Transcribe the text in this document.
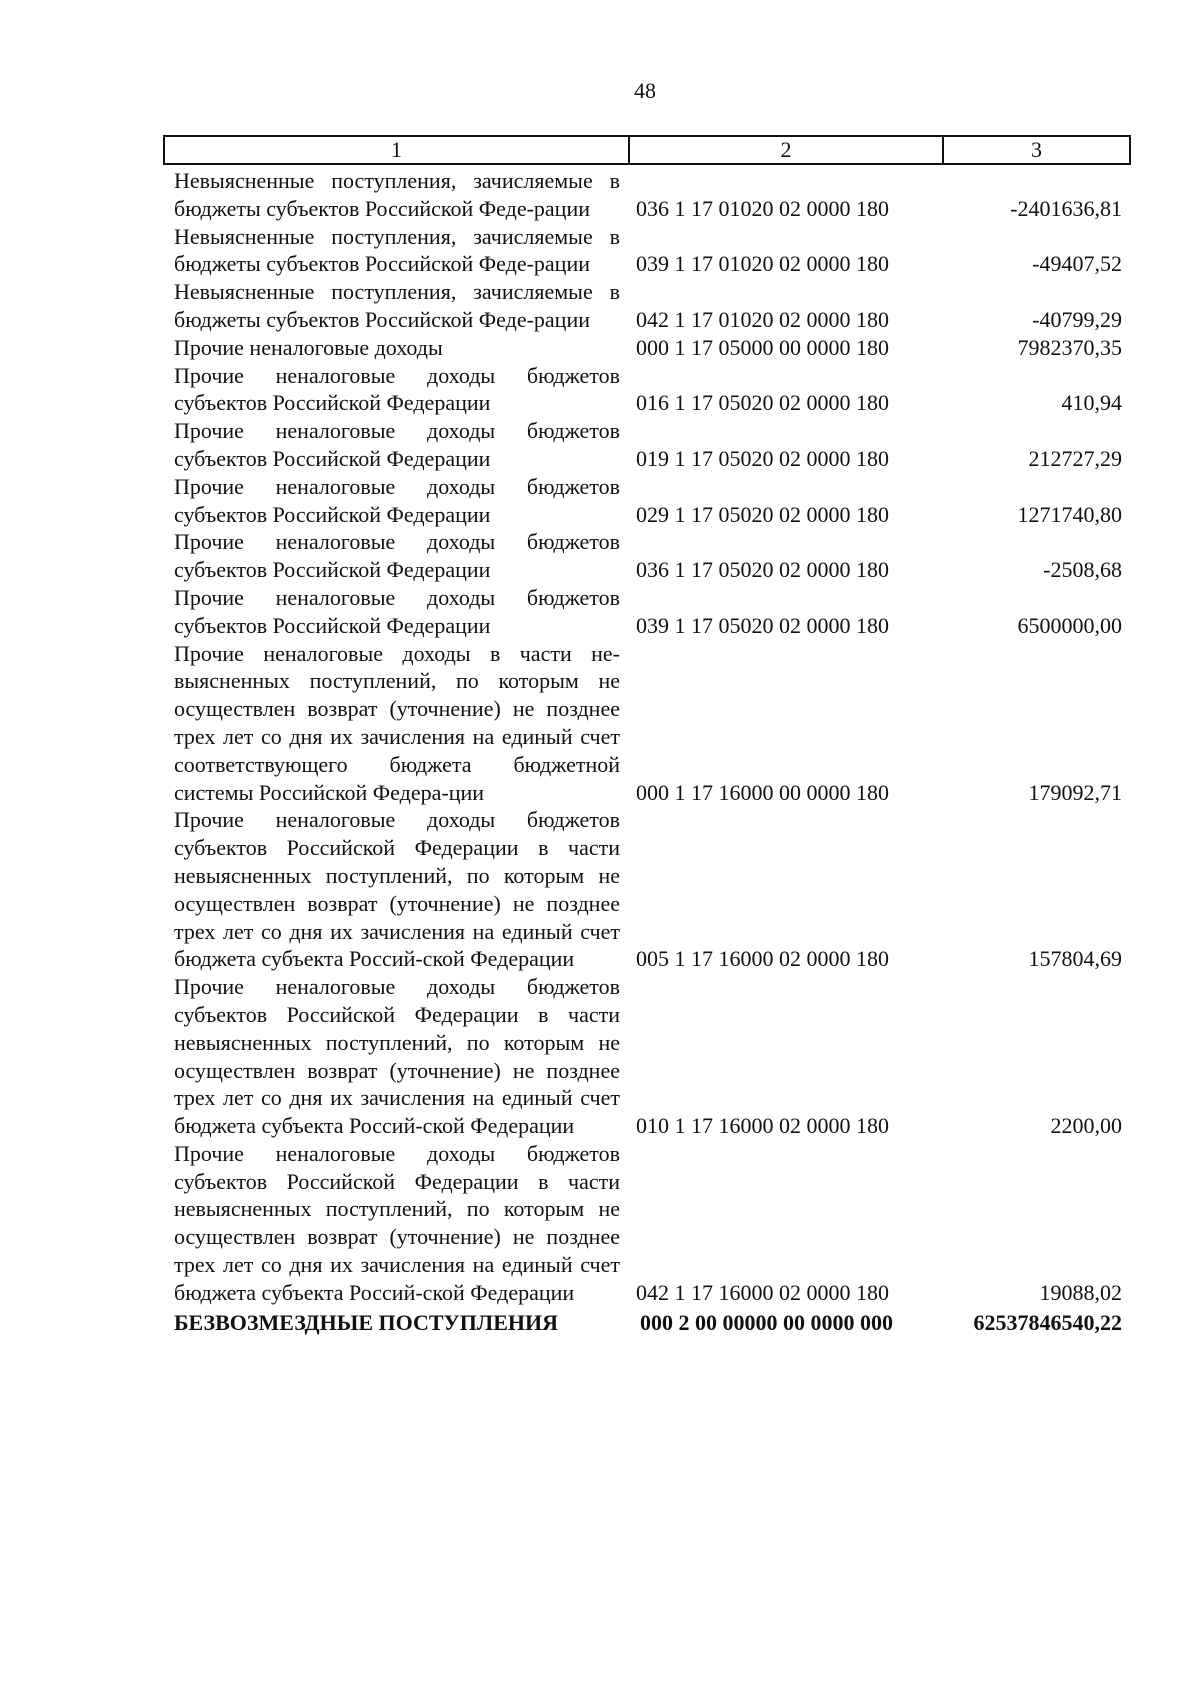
48
1	2	3
Невыясненные поступления, зачисляемые в бюджеты субъектов Российской Феде-рации	036 1 17 01020 02 0000 180	-2401636,81
Невыясненные поступления, зачисляемые в бюджеты субъектов Российской Феде-рации	039 1 17 01020 02 0000 180	-49407,52
Невыясненные поступления, зачисляемые в бюджеты субъектов Российской Феде-рации	042 1 17 01020 02 0000 180	-40799,29
Прочие неналоговые доходы	000 1 17 05000 00 0000 180	7982370,35
Прочие неналоговые доходы бюджетов субъектов Российской Федерации	016 1 17 05020 02 0000 180	410,94
Прочие неналоговые доходы бюджетов субъектов Российской Федерации	019 1 17 05020 02 0000 180	212727,29
Прочие неналоговые доходы бюджетов субъектов Российской Федерации	029 1 17 05020 02 0000 180	1271740,80
Прочие неналоговые доходы бюджетов субъектов Российской Федерации	036 1 17 05020 02 0000 180	-2508,68
Прочие неналоговые доходы бюджетов субъектов Российской Федерации	039 1 17 05020 02 0000 180	6500000,00
Прочие неналоговые доходы в части не-выясненных поступлений, по которым не осуществлен возврат (уточнение) не позднее трех лет со дня их зачисления на единый счет соответствующего бюджета бюджетной системы Российской Федера-ции	000 1 17 16000 00 0000 180	179092,71
Прочие неналоговые доходы бюджетов субъектов Российской Федерации в части невыясненных поступлений, по которым не осуществлен возврат (уточнение) не позднее трех лет со дня их зачисления на единый счет бюджета субъекта Россий-ской Федерации	005 1 17 16000 02 0000 180	157804,69
Прочие неналоговые доходы бюджетов субъектов Российской Федерации в части невыясненных поступлений, по которым не осуществлен возврат (уточнение) не позднее трех лет со дня их зачисления на единый счет бюджета субъекта Россий-ской Федерации	010 1 17 16000 02 0000 180	2200,00
Прочие неналоговые доходы бюджетов субъектов Российской Федерации в части невыясненных поступлений, по которым не осуществлен возврат (уточнение) не позднее трех лет со дня их зачисления на единый счет бюджета субъекта Россий-ской Федерации	042 1 17 16000 02 0000 180	19088,02
БЕЗВОЗМЕЗДНЫЕ ПОСТУПЛЕНИЯ	000 2 00 00000 00 0000 000	62537846540,22
